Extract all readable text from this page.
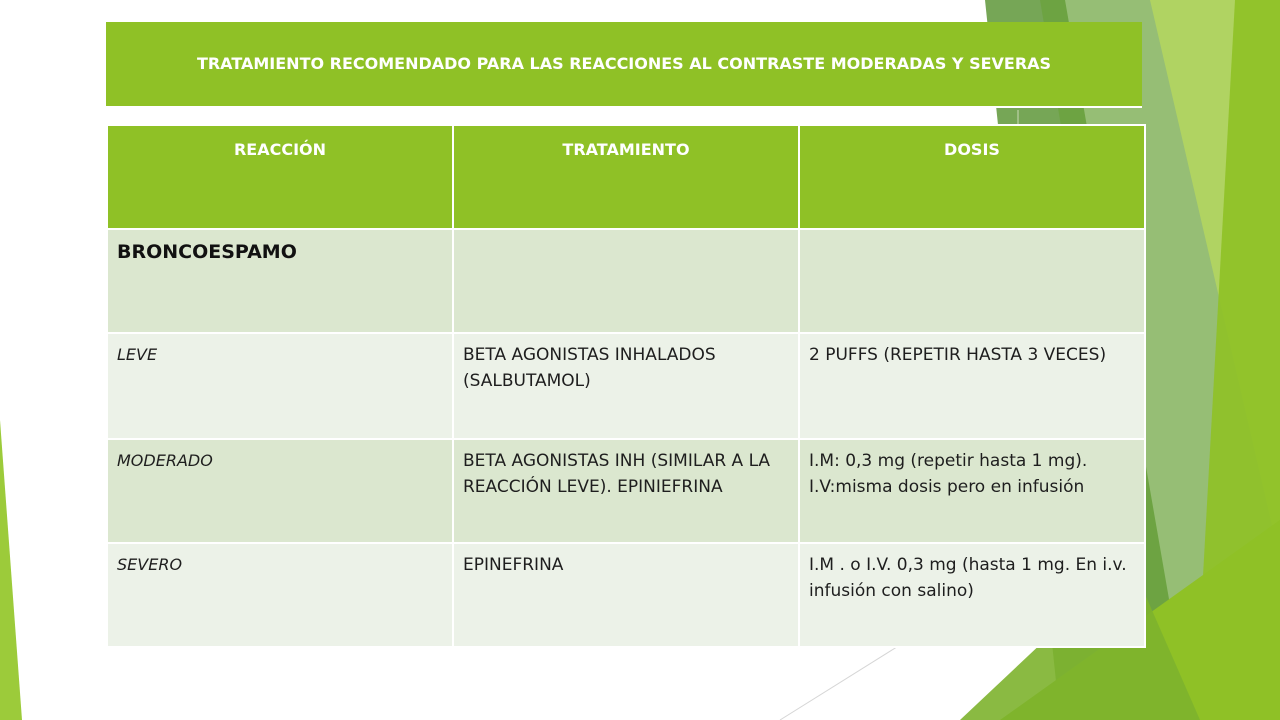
TRATAMIENTO RECOMENDADO PARA LAS REACCIONES AL CONTRASTE MODERADAS Y SEVERAS
REACCIÓN	TRATAMIENTO	DOSIS
BRONCOESPAMO		
LEVE	BETA AGONISTAS INHALADOS (SALBUTAMOL)	2 PUFFS (REPETIR HASTA 3 VECES)
MODERADO	BETA AGONISTAS INH (SIMILAR A LA REACCIÓN LEVE). EPINIEFRINA	I.M: 0,3 mg (repetir hasta 1 mg). I.V:misma dosis pero en infusión
SEVERO	EPINEFRINA	I.M . o I.V. 0,3 mg (hasta 1 mg. En i.v. infusión con salino)
